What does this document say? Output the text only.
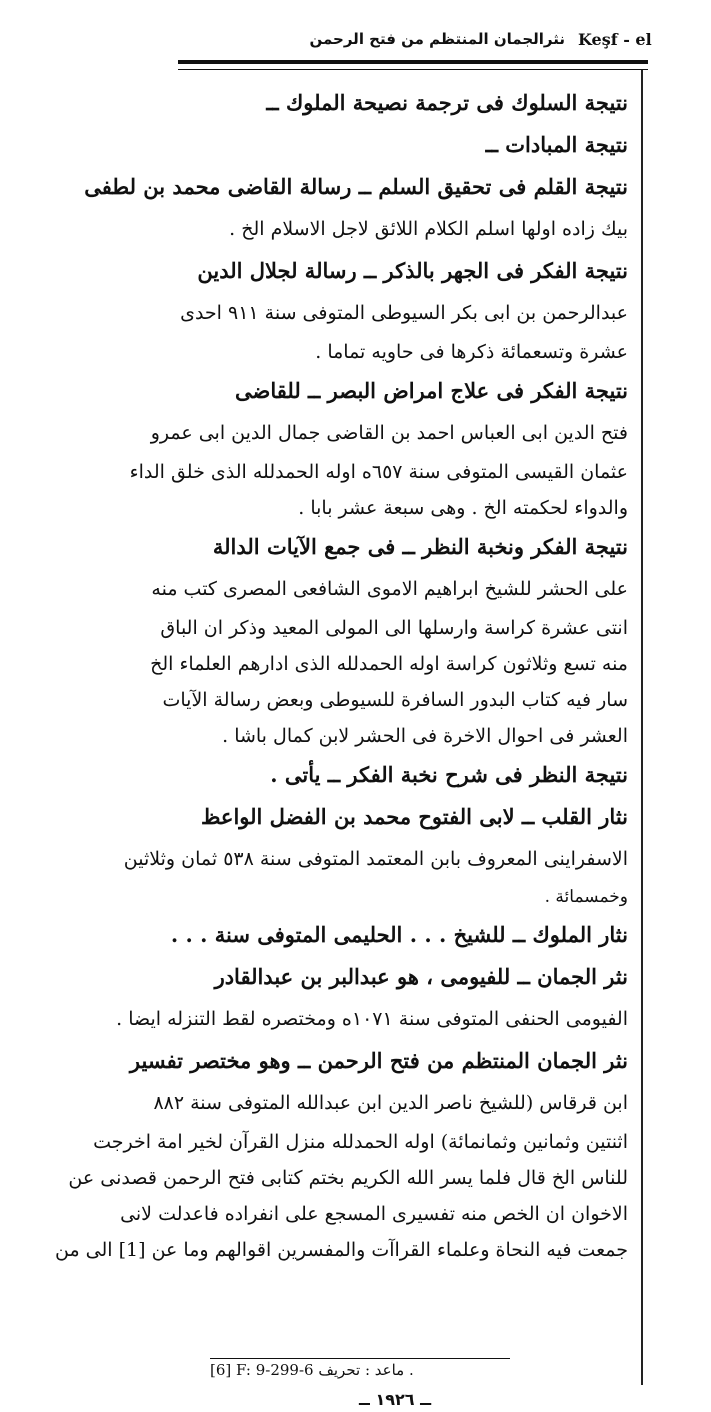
نثرالجمان المنتظم من فتح الرحمن Keşf - el
نتيجة السلوك فى ترجمة نصيحة الملوك ــ
نتيجة المبادات ــ
نتيجة القلم فى تحقيق السلم ــ رسالة القاضى محمد بن لطفى
بيك زاده اولها اسلم الكلام اللائق لاجل الاسلام الخ .
نتيجة الفكر فى الجهر بالذكر ــ رسالة لجلال الدين
عبدالرحمن بن ابى بكر السيوطى المتوفى سنة ٩١١ احدى
عشرة وتسعمائة ذكرها فى حاويه تماما .
نتيجة الفكر فى علاج امراض البصر ــ للقاضى
فتح الدين ابى العباس احمد بن القاضى جمال الدين ابى عمرو
عثمان القيسى المتوفى سنة ٦٥٧ه اوله الحمدلله الذى خلق الداء
والدواء لحكمته الخ . وهى سبعة عشر بابا .
نتيجة الفكر ونخبة النظر ــ فى جمع الآيات الدالة
على الحشر للشيخ ابراهيم الاموى الشافعى المصرى كتب منه
انتى عشرة كراسة وارسلها الى المولى المعيد وذكر ان الباق
منه تسع وثلاثون كراسة اوله الحمدلله الذى ادارهم العلماء الخ
سار فيه كتاب البدور السافرة للسيوطى وبعض رسالة الآيات
العشر فى احوال الاخرة فى الحشر لابن كمال باشا .
نتيجة النظر فى شرح نخبة الفكر ــ يأتى .
نثار القلب ــ لابى الفتوح محمد بن الفضل الواعظ
الاسفراينى المعروف بابن المعتمد المتوفى سنة ٥٣٨ ثمان وثلاثين
وخمسمائة .
نثار الملوك ــ للشيخ . . . الحليمى المتوفى سنة . . .
نثر الجمان ــ للفيومى ، هو عبدالبر بن عبدالقادر
الفيومى الحنفى المتوفى سنة ١٠٧١ه ومختصره لقط التنزله ايضا .
نثر الجمان المنتظم من فتح الرحمن ــ وهو مختصر تفسير
ابن قرقاس (للشيخ ناصر الدين ابن عبدالله المتوفى سنة ٨٨٢
اثنتين وثمانين وثمانمائة) اوله الحمدلله منزل القرآن لخير امة اخرجت
للناس الخ قال فلما يسر الله الكريم بختم كتابى فتح الرحمن قصدنى عن
الاخوان ان الخص منه تفسيرى المسجع على انفراده فاعدلت لانى
جمعت فيه النحاة وعلماء القراآت والمفسرين اقوالهم وما عن [1] الى من
[6] F: 9-299-6 ماعد : تحريف .
ــ ١٩٢٦ ــ
